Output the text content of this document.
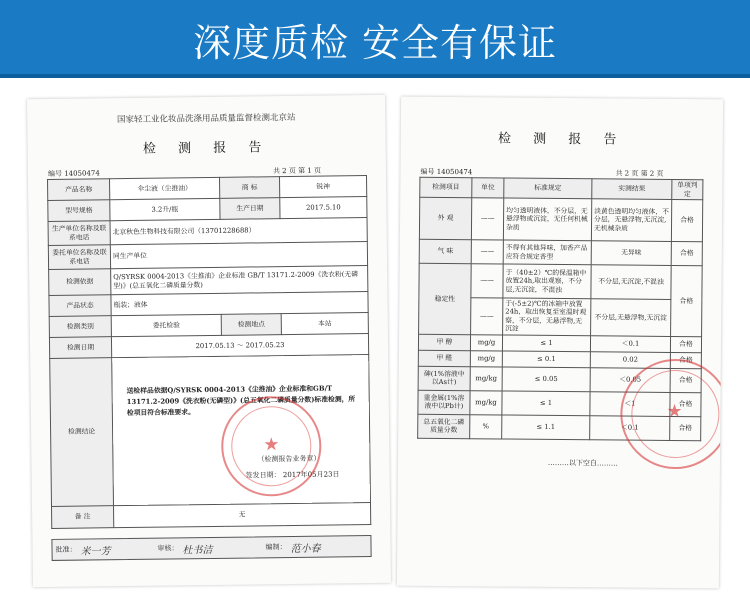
深度质检 安全有保证
国家轻工业化妆品洗涤用品质量监督检测北京站
检 测 报 告
编号 14050474	共 2 页 第 1 页
产品名称	伞尘液（尘推油）	商 标	锐神
型号规格	3.2升/瓶	生产日期	2017.5.10
生产单位名称及联系电话	北京秋色生物科技有限公司（13701228688）		
委托单位名称及联系电话	同生产单位		
检测依据	Q/SYRSK 0004-2013《尘推油》企业标准 GB/T 13171.2-2009《洗衣粉(无磷型)》(总五氧化二磷质量分数)		
产品状态	瓶装；液体		
检测类别	委托检验	检测地点	本站
检测日期	2017.05.13 ～ 2017.05.23		
检测结论	送检样品依据Q/SYRSK 0004-2013《尘推油》企业标准和GB/T 13171.2-2009《洗衣粉(无磷型)》(总五氧化二磷质量分数)标准检测，所检项目符合标准要求。
（检测报告业务章）
签发日期： 2017年05月23日		

备 注	无		
批准： 米一芳	审核： 杜书洁	编制： 范小春
★
检 测 报 告
编号 14050474	共 2 页 第 2 页
检测项目	单位	标准规定	实测结果	单项判定
外 观	——	均匀透明液体，不分层，无悬浮物或沉淀，无任何机械杂质	淡黄色透明均匀液体，不分层，无悬浮物,无沉淀,无机械杂质	合格
气 味	——	不得有其他异味，加香产品应符合规定香型	无异味	合格
稳定性	——	于（40±2）℃的保温箱中放置24h,取出观察，不分层,无沉淀，不混浊	不分层,无沉淀,不混浊	合格
	——	于(-5±2)℃的冰箱中放置24h，取出恢复至室温时观察，不分层，无悬浮物,无沉淀	不分层,无悬浮物,无沉淀	
甲 醇	mg/g	≤ 1	＜0.1	合格
甲 醛	mg/g	≤ 0.1	0.02	合格
砷(1%溶液中以As计)	mg/kg	≤ 0.05	＜0.05	合格
重金属(1%溶液中以Pb计)	mg/kg	≤ 1	＜1	合格
总五氧化二磷质量分数	%	≤ 1.1	＜0.1	合格
………以下空白………
★
